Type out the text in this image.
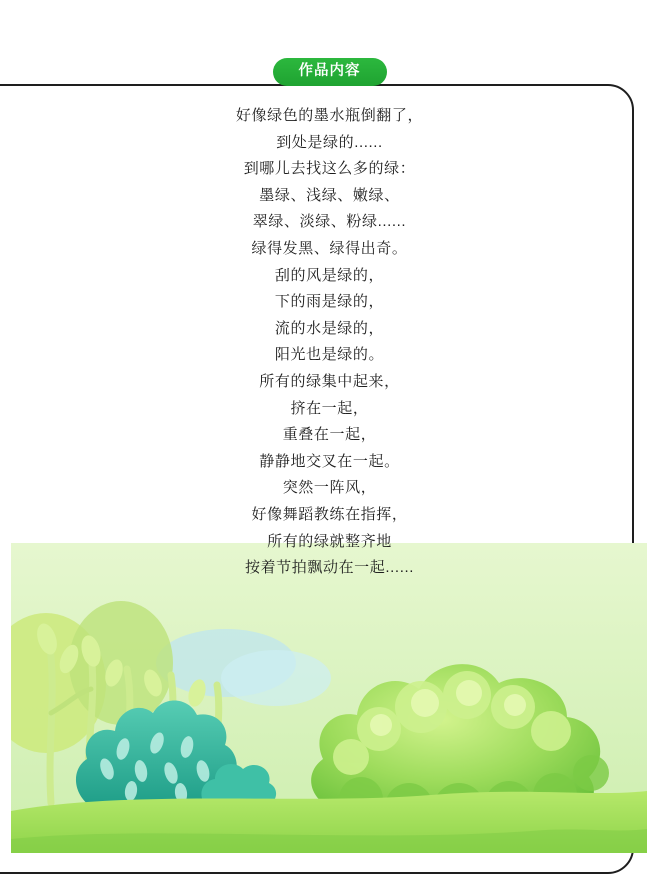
作品内容
好像绿色的墨水瓶倒翻了，
到处是绿的......
到哪儿去找这么多的绿：
墨绿、浅绿、嫩绿、
翠绿、淡绿、粉绿......
绿得发黑、绿得出奇。
刮的风是绿的，
下的雨是绿的，
流的水是绿的，
阳光也是绿的。
所有的绿集中起来，
挤在一起，
重叠在一起，
静静地交叉在一起。
突然一阵风，
好像舞蹈教练在指挥，
所有的绿就整齐地
按着节拍飘动在一起......
